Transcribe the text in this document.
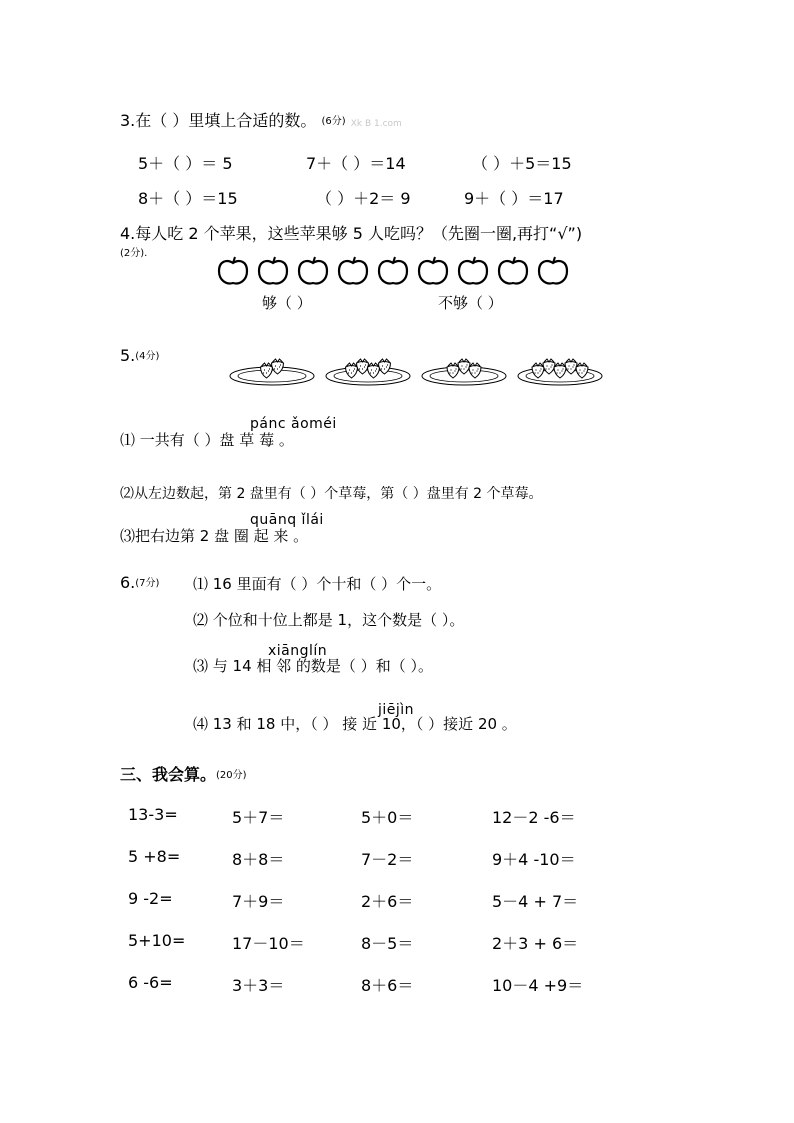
3.在（ ）里填上合适的数。 (6分) Xk B 1.com
5＋（ ）＝ 5	7＋（ ）＝14	（ ）＋5＝15
8＋（ ）＝15	（ ）＋2＝ 9	9＋（ ）＝17
4.每人吃 2 个苹果，这些苹果够 5 人吃吗？（先圈一圈,再打“√”)
(2分).
够（ ）	不够（ ）
5.(4分)
pánc ǎoméi
⑴ 一共有（ ）盘 草 莓 。
⑵从左边数起，第 2 盘里有（ ）个草莓，第（ ）盘里有 2 个草莓。
quānq ǐlái
⑶把右边第 2 盘 圈 起 来 。
6.(7分) ⑴ 16 里面有（ ）个十和（ ）个一。
⑵ 个位和十位上都是 1，这个数是（ ）。
xiānglín
⑶ 与 14 相 邻 的数是（ ）和（ ）。
jiējìn
⑷ 13 和 18 中，（ ） 接 近 10，（ ）接近 20 。
三、我会算。(20分)
13-3=	5＋7＝	5＋0＝	12－2 -6＝
5 +8=	8＋8＝	7－2＝	9＋4 -10＝
9 -2=	7＋9＝	2＋6＝	5－4 + 7＝
5+10=	17－10＝	8－5＝	2＋3 + 6＝
6 -6=	3＋3＝	8＋6＝	10－4 +9＝
